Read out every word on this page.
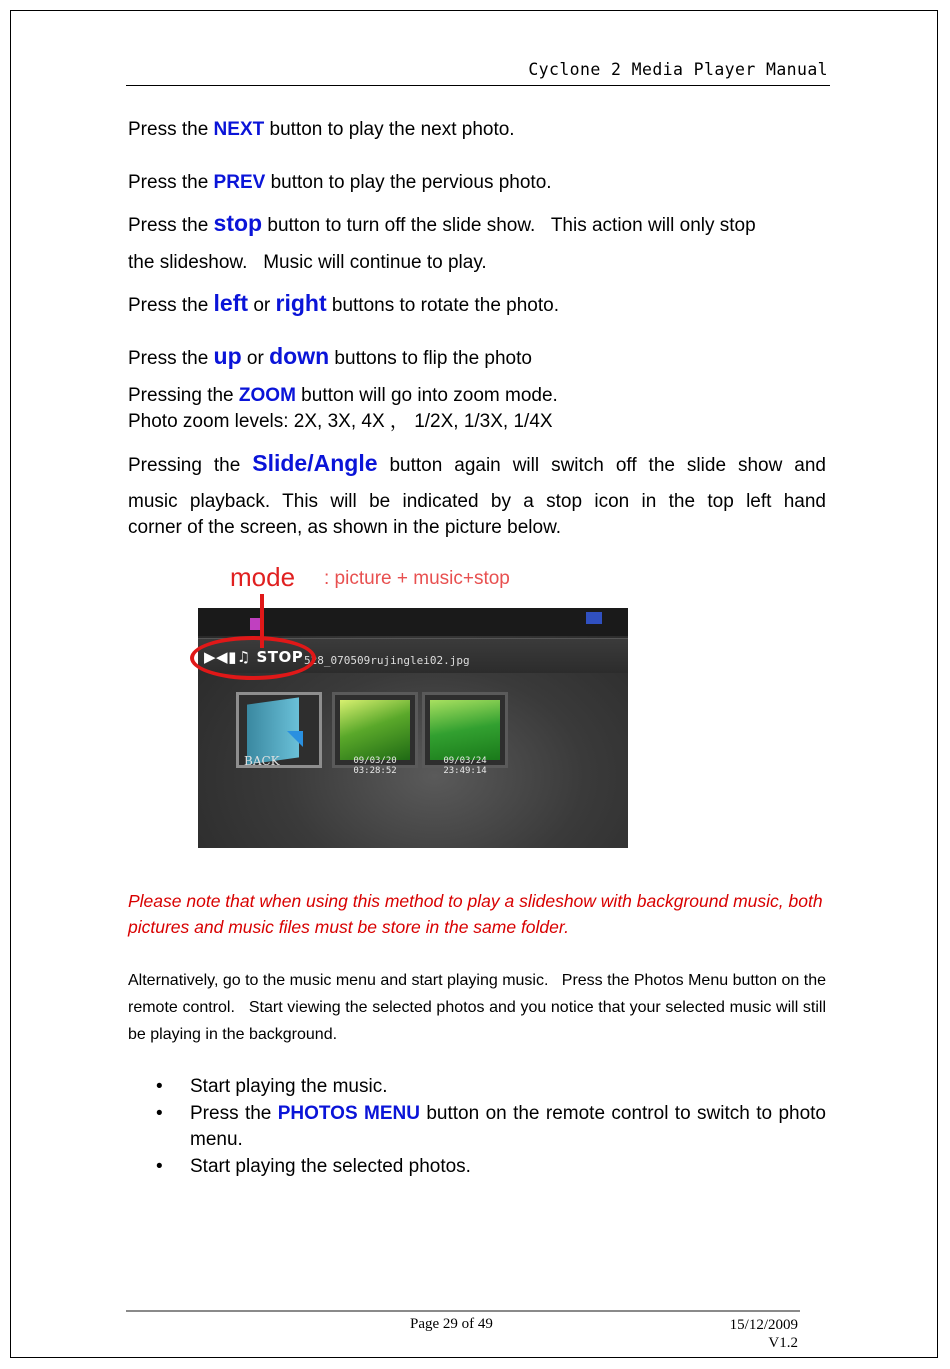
Cyclone 2 Media Player Manual
Press the NEXT button to play the next photo.
Press the PREV button to play the pervious photo.
Press the stop button to turn off the slide show.   This action will only stop
the slideshow.   Music will continue to play.
Press the left or right buttons to rotate the photo.
Press the up or down buttons to flip the photo
Pressing the ZOOM button will go into zoom mode.
Photo zoom levels: 2X, 3X, 4X ， 1/2X, 1/3X, 1/4X
Pressing the Slide/Angle button again will switch off the slide show and
music playback. This will be indicated by a stop icon in the top left hand
corner of the screen, as shown in the picture below.
mode : picture + music+stop
▶◀▮♫ STOP 528_070509rujinglei02.jpg
BACK	09/03/20
03:28:52
09/03/24
23:49:14
Please note that when using this method to play a slideshow with background music, both pictures and music files must be store in the same folder.
Alternatively, go to the music menu and start playing music.   Press the Photos Menu button on the remote control.   Start viewing the selected photos and you notice that your selected music will still be playing in the background.
• Start playing the music.
• Press the PHOTOS MENU button on the remote control to switch to photo menu.
• Start playing the selected photos.
Page 29 of 49	15/12/2009
V1.2
